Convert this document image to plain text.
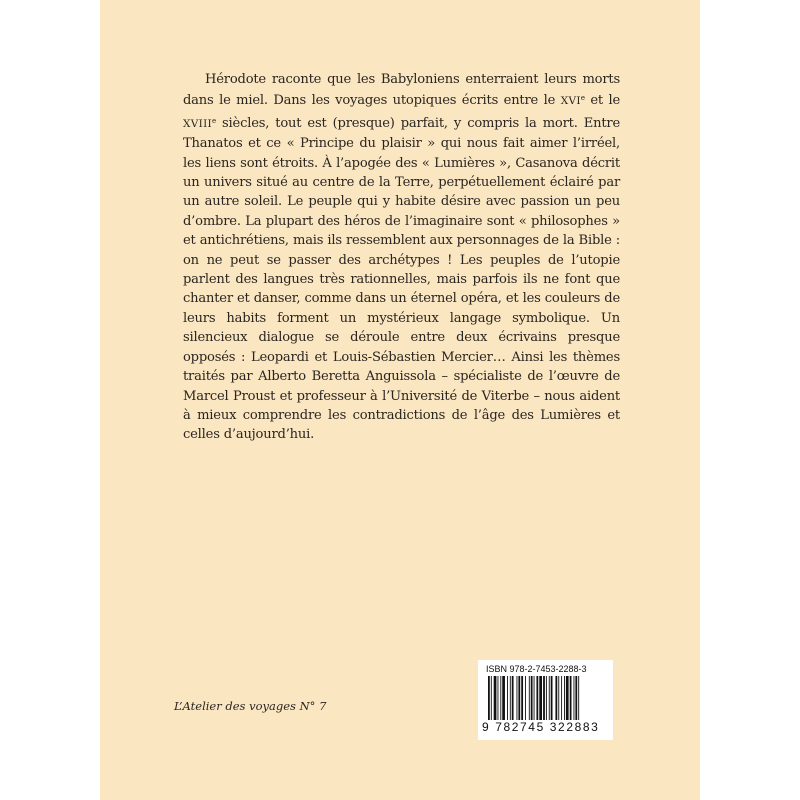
Hérodote raconte que les Babyloniens enterraient leurs morts dans le miel. Dans les voyages utopiques écrits entre le XVIe et le XVIIIe siècles, tout est (presque) parfait, y compris la mort. Entre Thanatos et ce « Principe du plaisir » qui nous fait aimer l’irréel, les liens sont étroits. À l’apogée des « Lumières », Casanova décrit un univers situé au centre de la Terre, perpétuellement éclairé par un autre soleil. Le peuple qui y habite désire avec passion un peu d’ombre. La plupart des héros de l’imaginaire sont « philosophes » et antichrétiens, mais ils ressemblent aux personnages de la Bible : on ne peut se passer des archétypes ! Les peuples de l’utopie parlent des langues très rationnelles, mais parfois ils ne font que chanter et danser, comme dans un éternel opéra, et les couleurs de leurs habits forment un mystérieux langage symbolique. Un silencieux dialogue se déroule entre deux écrivains presque opposés : Leopardi et Louis-Sébastien Mercier… Ainsi les thèmes traités par Alberto Beretta Anguissola – spécialiste de l’œuvre de Marcel Proust et professeur à l’Université de Viterbe – nous aident à mieux comprendre les contradictions de l’âge des Lumières et celles d’aujourd’hui.

L’Atelier des voyages N° 7
ISBN 978-2-7453-2288-3
9 782745 322883
